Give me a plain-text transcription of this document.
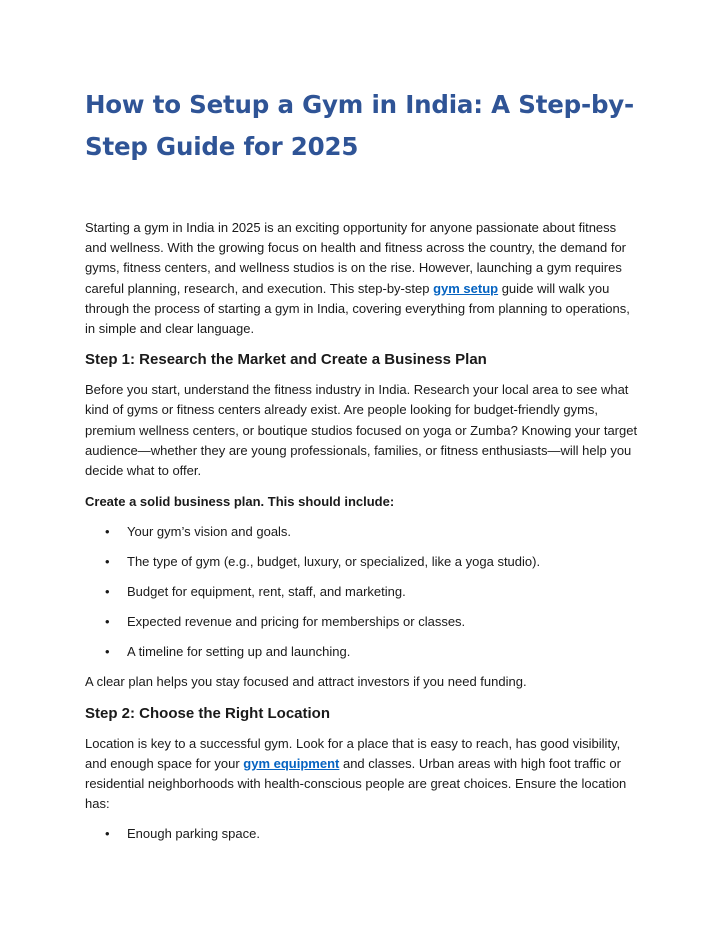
How to Setup a Gym in India: A Step-by-Step Guide for 2025

Starting a gym in India in 2025 is an exciting opportunity for anyone passionate about fitness and wellness. With the growing focus on health and fitness across the country, the demand for gyms, fitness centers, and wellness studios is on the rise. However, launching a gym requires careful planning, research, and execution. This step-by-step gym setup guide will walk you through the process of starting a gym in India, covering everything from planning to operations, in simple and clear language.

Step 1: Research the Market and Create a Business Plan

Before you start, understand the fitness industry in India. Research your local area to see what kind of gyms or fitness centers already exist. Are people looking for budget-friendly gyms, premium wellness centers, or boutique studios focused on yoga or Zumba? Knowing your target audience—whether they are young professionals, families, or fitness enthusiasts—will help you decide what to offer.

Create a solid business plan. This should include:

• Your gym’s vision and goals.
• The type of gym (e.g., budget, luxury, or specialized, like a yoga studio).
• Budget for equipment, rent, staff, and marketing.
• Expected revenue and pricing for memberships or classes.
• A timeline for setting up and launching.

A clear plan helps you stay focused and attract investors if you need funding.

Step 2: Choose the Right Location

Location is key to a successful gym. Look for a place that is easy to reach, has good visibility, and enough space for your gym equipment and classes. Urban areas with high foot traffic or residential neighborhoods with health-conscious people are great choices. Ensure the location has:

• Enough parking space.
